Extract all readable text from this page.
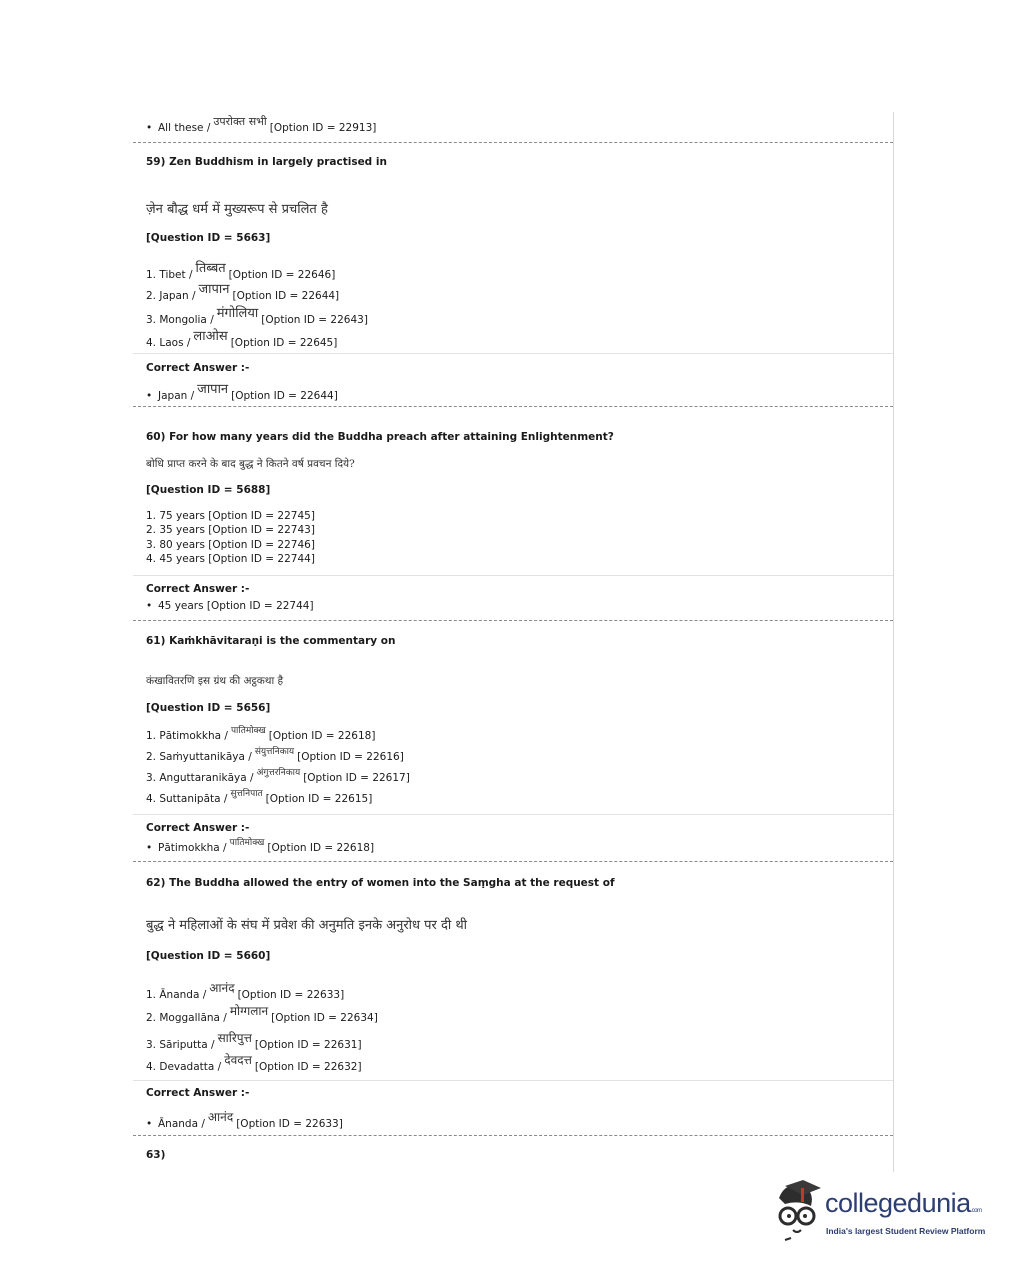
• All these / उपरोक्त सभी [Option ID = 22913]
59) Zen Buddhism in largely practised in
ज़ेन बौद्ध धर्म में मुख्यरूप से प्रचलित है
[Question ID = 5663]
1. Tibet / तिब्बत [Option ID = 22646]
2. Japan / जापान [Option ID = 22644]
3. Mongolia / मंगोलिया [Option ID = 22643]
4. Laos / लाओस [Option ID = 22645]
Correct Answer :-
• Japan / जापान [Option ID = 22644]
60) For how many years did the Buddha preach after attaining Enlightenment?
बोधि प्राप्त करने के बाद बुद्ध ने कितने वर्ष प्रवचन दिये?
[Question ID = 5688]
1. 75 years [Option ID = 22745]
2. 35 years [Option ID = 22743]
3. 80 years [Option ID = 22746]
4. 45 years [Option ID = 22744]
Correct Answer :-
• 45 years [Option ID = 22744]
61) Kaṁkhāvitaraṇi is the commentary on
कंखावितरणि इस ग्रंथ की अट्ठकथा है
[Question ID = 5656]
1. Pātimokkha / पातिमोक्ख [Option ID = 22618]
2. Saṁyuttanikāya / संयुत्तनिकाय [Option ID = 22616]
3. Anguttaranikāya / अंगुत्तरनिकाय [Option ID = 22617]
4. Suttanipāta / सुत्तनिपात [Option ID = 22615]
Correct Answer :-
• Pātimokkha / पातिमोक्ख [Option ID = 22618]
62) The Buddha allowed the entry of women into the Saṃgha at the request of
बुद्ध ने महिलाओं के संघ में प्रवेश की अनुमति इनके अनुरोध पर दी थी
[Question ID = 5660]
1. Ānanda / आनंद [Option ID = 22633]
2. Moggallāna / मोग्गलान [Option ID = 22634]
3. Sāriputta / सारिपुत्त [Option ID = 22631]
4. Devadatta / देवदत्त [Option ID = 22632]
Correct Answer :-
• Ānanda / आनंद [Option ID = 22633]
63)
collegedunia.com
India's largest Student Review Platform
